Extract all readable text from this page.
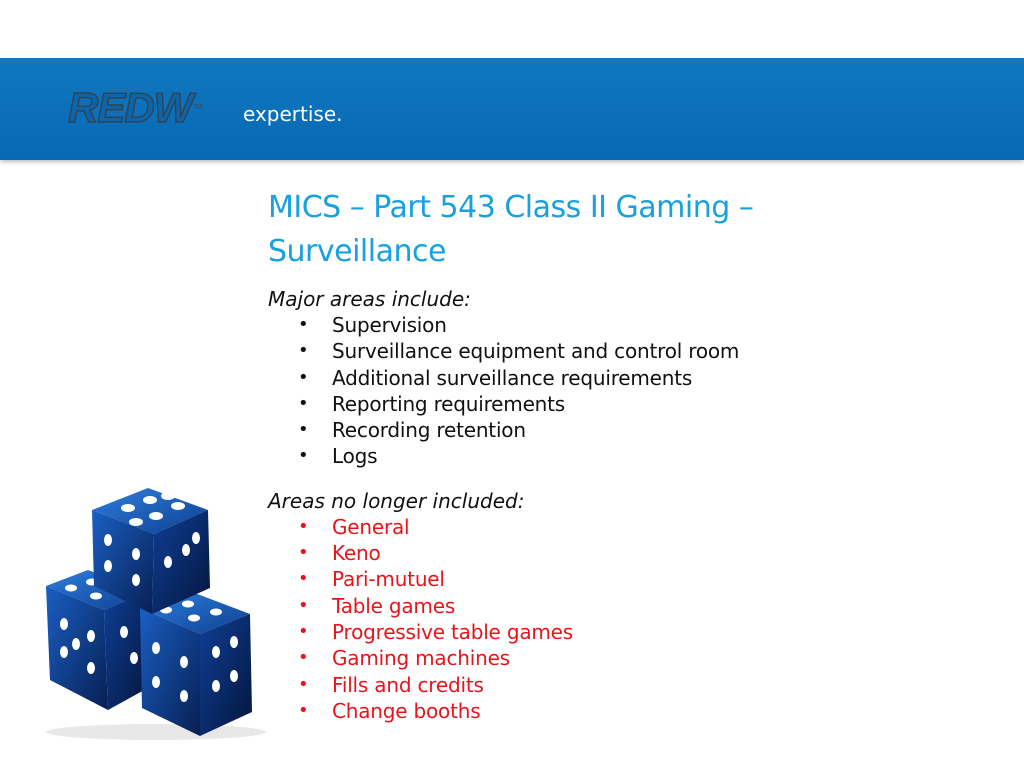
REDWTM expertise.
MICS – Part 543 Class II Gaming –
Surveillance

Major areas include:

• Supervision
• Surveillance equipment and control room
• Additional surveillance requirements
• Reporting requirements
• Recording retention
• Logs

Areas no longer included:

• General
• Keno
• Pari-mutuel
• Table games
• Progressive table games
• Gaming machines
• Fills and credits
• Change booths
